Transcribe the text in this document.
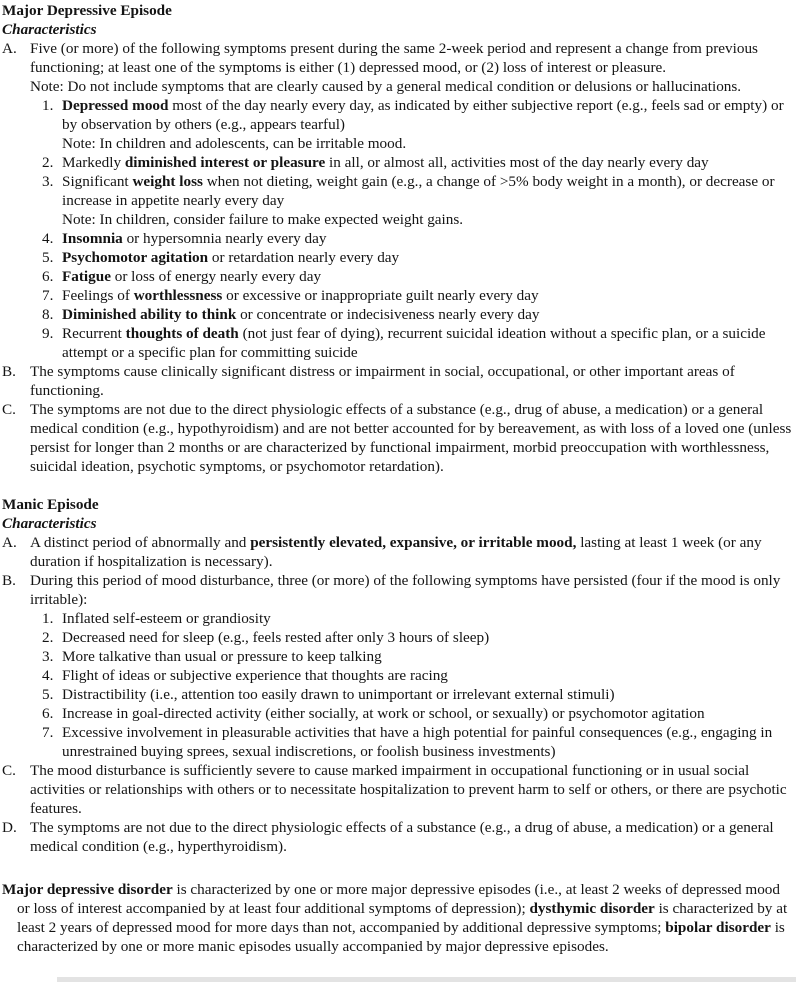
Major Depressive Episode
Characteristics
A. Five (or more) of the following symptoms present during the same 2-week period and represent a change from previous functioning; at least one of the symptoms is either (1) depressed mood, or (2) loss of interest or pleasure.
Note: Do not include symptoms that are clearly caused by a general medical condition or delusions or hallucinations.
1. Depressed mood most of the day nearly every day, as indicated by either subjective report (e.g., feels sad or empty) or by observation by others (e.g., appears tearful)
Note: In children and adolescents, can be irritable mood.
2. Markedly diminished interest or pleasure in all, or almost all, activities most of the day nearly every day
3. Significant weight loss when not dieting, weight gain (e.g., a change of >5% body weight in a month), or decrease or increase in appetite nearly every day
Note: In children, consider failure to make expected weight gains.
4. Insomnia or hypersomnia nearly every day
5. Psychomotor agitation or retardation nearly every day
6. Fatigue or loss of energy nearly every day
7. Feelings of worthlessness or excessive or inappropriate guilt nearly every day
8. Diminished ability to think or concentrate or indecisiveness nearly every day
9. Recurrent thoughts of death (not just fear of dying), recurrent suicidal ideation without a specific plan, or a suicide attempt or a specific plan for committing suicide
B. The symptoms cause clinically significant distress or impairment in social, occupational, or other important areas of functioning.
C. The symptoms are not due to the direct physiologic effects of a substance (e.g., drug of abuse, a medication) or a general medical condition (e.g., hypothyroidism) and are not better accounted for by bereavement, as with loss of a loved one (unless persist for longer than 2 months or are characterized by functional impairment, morbid preoccupation with worthlessness, suicidal ideation, psychotic symptoms, or psychomotor retardation).
Manic Episode
Characteristics
A. A distinct period of abnormally and persistently elevated, expansive, or irritable mood, lasting at least 1 week (or any duration if hospitalization is necessary).
B. During this period of mood disturbance, three (or more) of the following symptoms have persisted (four if the mood is only irritable):
1. Inflated self-esteem or grandiosity
2. Decreased need for sleep (e.g., feels rested after only 3 hours of sleep)
3. More talkative than usual or pressure to keep talking
4. Flight of ideas or subjective experience that thoughts are racing
5. Distractibility (i.e., attention too easily drawn to unimportant or irrelevant external stimuli)
6. Increase in goal-directed activity (either socially, at work or school, or sexually) or psychomotor agitation
7. Excessive involvement in pleasurable activities that have a high potential for painful consequences (e.g., engaging in unrestrained buying sprees, sexual indiscretions, or foolish business investments)
C. The mood disturbance is sufficiently severe to cause marked impairment in occupational functioning or in usual social activities or relationships with others or to necessitate hospitalization to prevent harm to self or others, or there are psychotic features.
D. The symptoms are not due to the direct physiologic effects of a substance (e.g., a drug of abuse, a medication) or a general medical condition (e.g., hyperthyroidism).
Major depressive disorder is characterized by one or more major depressive episodes (i.e., at least 2 weeks of depressed mood or loss of interest accompanied by at least four additional symptoms of depression); dysthymic disorder is characterized by at least 2 years of depressed mood for more days than not, accompanied by additional depressive symptoms; bipolar disorder is characterized by one or more manic episodes usually accompanied by major depressive episodes.
